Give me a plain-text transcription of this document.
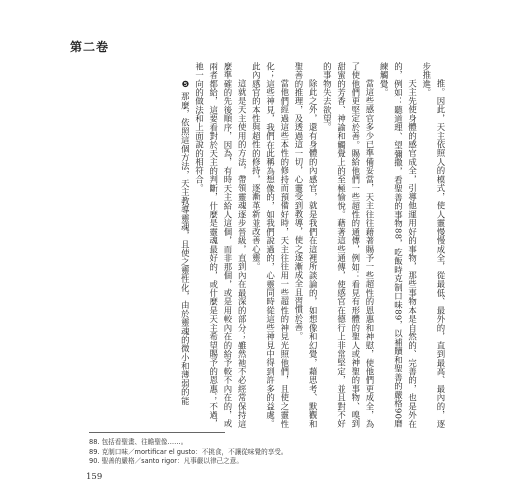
第二卷

推。因此，天主依照人的模式，使人靈慢慢成全，從最低、最外的，直到最高、最內的，逐步推進。

天主先使身體的感官成全，引導他運用好的事物，那些事物本是自然的、完善的，也是外在的，例如：聽道理、望彌撒，看聖善的事物88，吃飯時克制口味89，以補贖和聖善的嚴格90磨練觸覺。

當這些感官多少已準備妥當，天主往往藉著賜予一些超性的恩惠和神慰，使他們更成全，為了使他們更堅定於善。賜給他們一些超性的通傳，例如：看見有形體的聖人或神聖的事物、嗅到甜蜜的芳香、神諭和觸覺上的至極愉悅。藉著這些通傳，使感官在德行上非常堅定，並且對不好的事物失去欲望。

除此之外，還有身體的內感官，就是我們在這裡所談論的，如想像和幻覺，藉思考、默觀和聖善的推理，及透過這一切，心靈受到教導，使之逐漸成全且習慣於善。

當他們經過這些本性的修持而預備好時，天主往往用一些超性的神見光照他們，且使之靈性化；這些神見，我們在此稱為想像的，如我們說過的，心靈同時從這些神見中得到許多的益處。此內感官的本性與超性的修持，逐漸革新並改善心靈。

這就是天主使用的方法，帶領靈魂逐步晉級，直到內在最深的部分；雖然祂不必經常保持這麼準確的先後順序，因為，有時天主給人這個，而非那個，或是用較內在的給予較不內在的，或兩者都給，這要看對於天主的判斷，什麼是靈魂最好的，或什麼是天主希望賜予的恩惠；不過，祂一向的做法和上面說的相符合。

❺ 那麼，依照這個方法，天主教導靈魂，且使之靈性化，由於靈魂的微小和薄弱的能

88. 包括看聖畫、往瞻聖像……。
89. 克制口味／mortificar el gusto：不挑食，不讓從味覺的享受。
90. 聖善的嚴格／santo rigor：凡事嚴以律己之意。
159
